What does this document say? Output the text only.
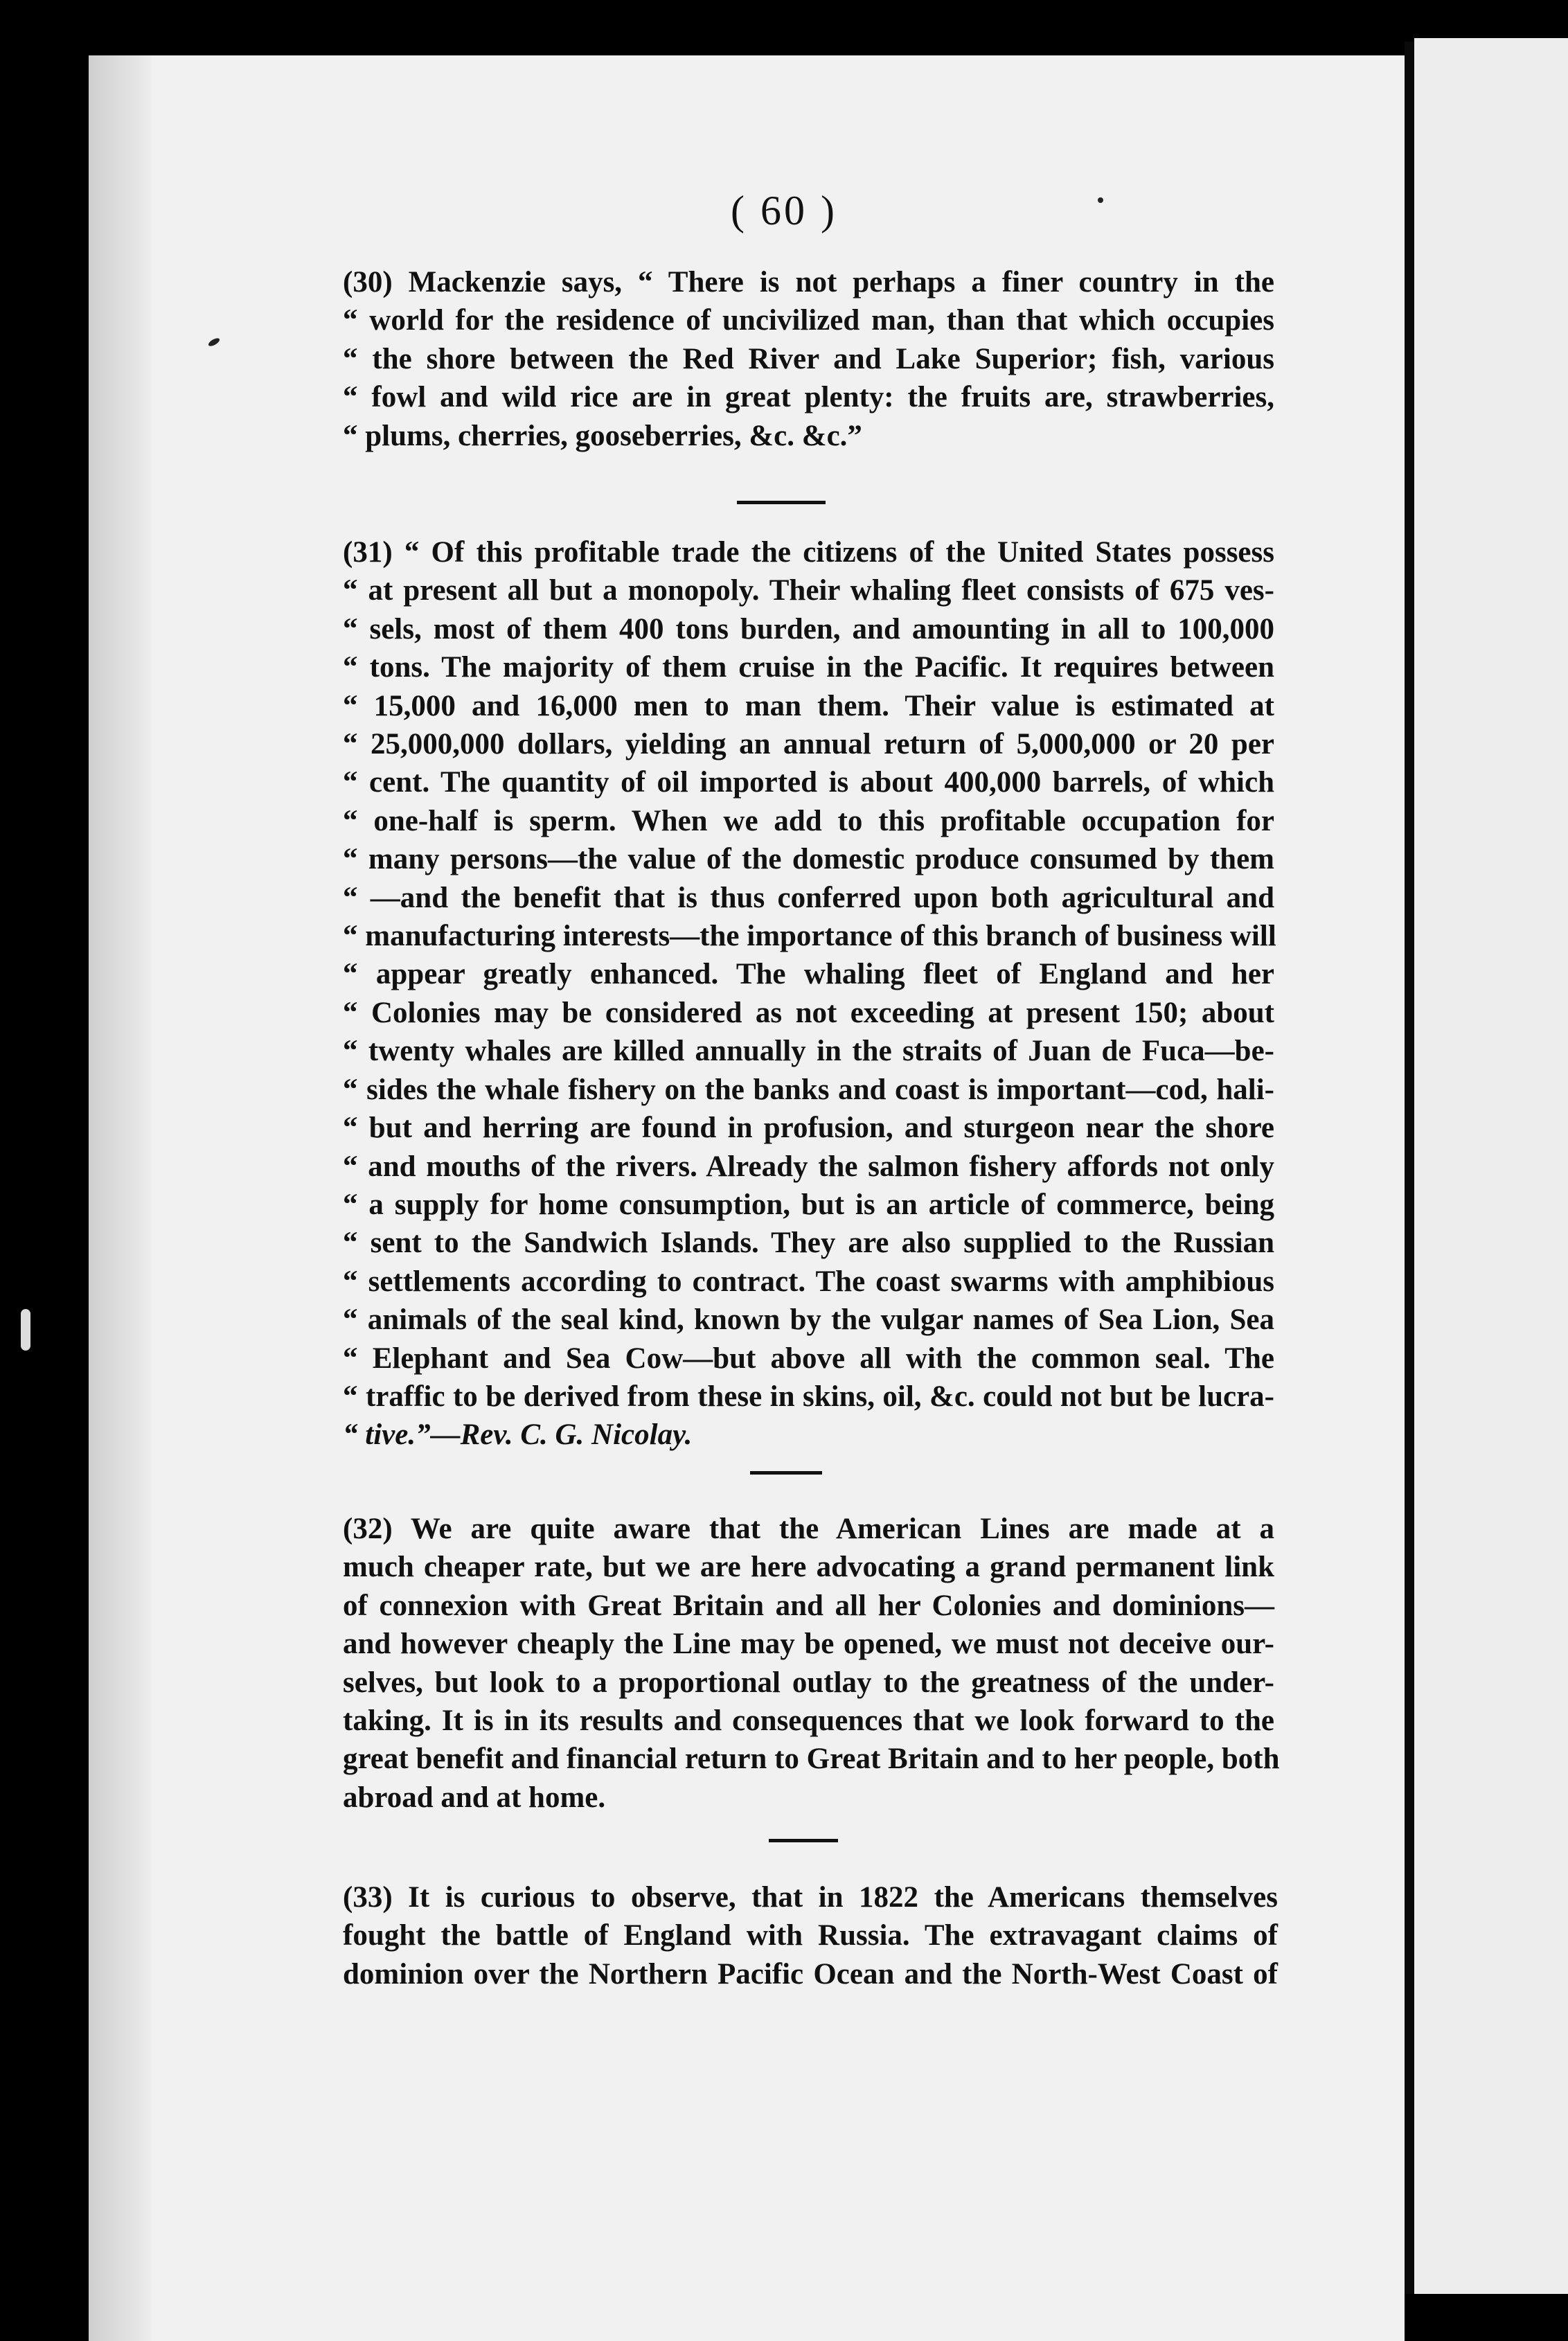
( 60 )
(30) Mackenzie says, “ There is not perhaps a finer country in the
“ world for the residence of uncivilized man, than that which occupies
“ the shore between the Red River and Lake Superior; fish, various
“ fowl and wild rice are in great plenty: the fruits are, strawberries,
“ plums, cherries, gooseberries, &c. &c.”
(31) “ Of this profitable trade the citizens of the United States possess
“ at present all but a monopoly. Their whaling fleet consists of 675 ves-
“ sels, most of them 400 tons burden, and amounting in all to 100,000
“ tons. The majority of them cruise in the Pacific. It requires between
“ 15,000 and 16,000 men to man them. Their value is estimated at
“ 25,000,000 dollars, yielding an annual return of 5,000,000 or 20 per
“ cent. The quantity of oil imported is about 400,000 barrels, of which
“ one-half is sperm. When we add to this profitable occupation for
“ many persons—the value of the domestic produce consumed by them
“ —and the benefit that is thus conferred upon both agricultural and
“ manufacturing interests—the importance of this branch of business will
“ appear greatly enhanced. The whaling fleet of England and her
“ Colonies may be considered as not exceeding at present 150; about
“ twenty whales are killed annually in the straits of Juan de Fuca—be-
“ sides the whale fishery on the banks and coast is important—cod, hali-
“ but and herring are found in profusion, and sturgeon near the shore
“ and mouths of the rivers. Already the salmon fishery affords not only
“ a supply for home consumption, but is an article of commerce, being
“ sent to the Sandwich Islands. They are also supplied to the Russian
“ settlements according to contract. The coast swarms with amphibious
“ animals of the seal kind, known by the vulgar names of Sea Lion, Sea
“ Elephant and Sea Cow—but above all with the common seal. The
“ traffic to be derived from these in skins, oil, &c. could not but be lucra-
“ tive.”—Rev. C. G. Nicolay.
(32) We are quite aware that the American Lines are made at a
much cheaper rate, but we are here advocating a grand permanent link
of connexion with Great Britain and all her Colonies and dominions—
and however cheaply the Line may be opened, we must not deceive our-
selves, but look to a proportional outlay to the greatness of the under-
taking. It is in its results and consequences that we look forward to the
great benefit and financial return to Great Britain and to her people, both
abroad and at home.
(33) It is curious to observe, that in 1822 the Americans themselves
fought the battle of England with Russia. The extravagant claims of
dominion over the Northern Pacific Ocean and the North-West Coast of
